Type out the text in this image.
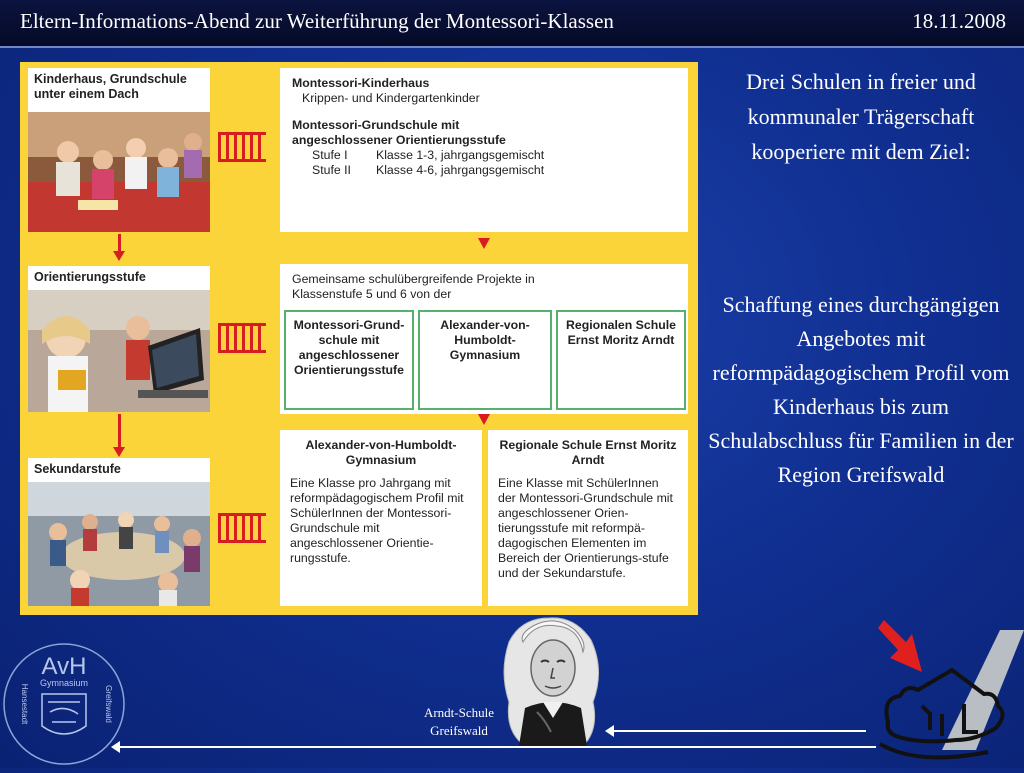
Eltern-Informations-Abend zur Weiterführung der Montessori-Klassen	18.11.2008
Kinderhaus, Grundschule unter einem Dach
Orientierungsstufe
Sekundarstufe
Montessori-Kinderhaus
Krippen- und Kindergartenkinder
Montessori-Grundschule mit angeschlossener Orientierungsstufe
Stufe I	Klasse 1-3, jahrgangsgemischt
Stufe II	Klasse 4-6, jahrgangsgemischt
Gemeinsame schulübergreifende Projekte in Klassenstufe 5 und 6 von der
Montessori-Grund-schule mit angeschlossener Orientierungsstufe
Alexander-von-Humboldt-Gymnasium
Regionalen Schule Ernst Moritz Arndt
Alexander-von-Humboldt-Gymnasium
Eine Klasse pro Jahrgang mit reformpädagogischem Profil mit SchülerInnen der Montessori-Grundschule mit angeschlossener Orientie-rungsstufe.
Regionale Schule Ernst Moritz Arndt
Eine Klasse mit SchülerInnen der Montessori-Grundschule mit angeschlossener Orien-tierungsstufe mit reformpä-dagogischen Elementen im Bereich der Orientierungs-stufe und der Sekundarstufe.
Drei Schulen in freier und kommunaler Trägerschaft kooperiere mit dem Ziel:
Schaffung eines durchgängigen Angebotes mit reformpädagogischem Profil vom Kinderhaus bis zum Schulabschluss für Familien in der Region Greifswald
AvH
Gymnasium
Hansestadt	Greifswald	Arndt-Schule Greifswald
